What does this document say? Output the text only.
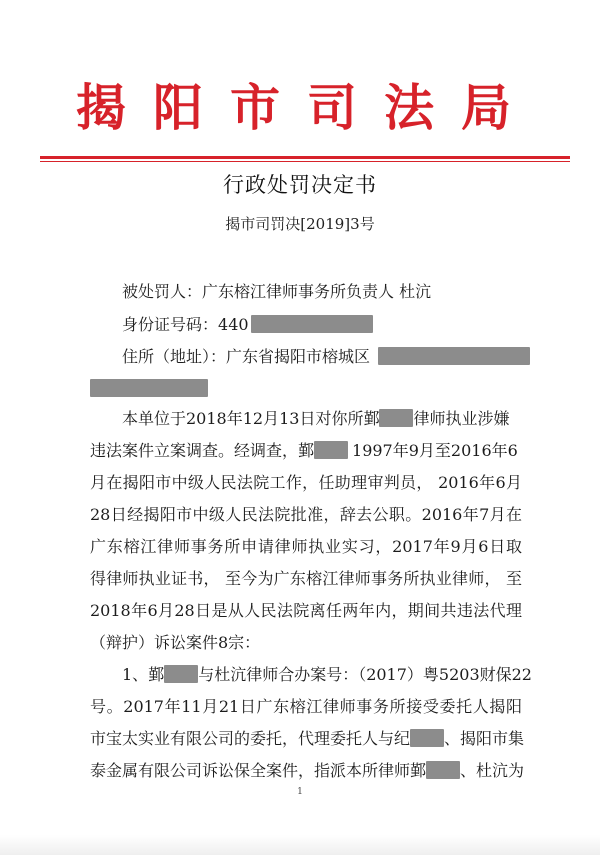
揭阳市司法局
行政处罚决定书
揭市司罚决[2019]3号
被处罚人：广东榕江律师事务所负责人 杜沆
身份证号码：440
住所（地址）：广东省揭阳市榕城区
本单位于2018年12月13日对你所鄞 律师执业涉嫌
违法案件立案调查。经调查，鄞 1997年9月至2016年6
月在揭阳市中级人民法院工作，任助理审判员， 2016年6月
28日经揭阳市中级人民法院批准，辞去公职。2016年7月在
广东榕江律师事务所申请律师执业实习，2017年9月6日取
得律师执业证书， 至今为广东榕江律师事务所执业律师， 至
2018年6月28日是从人民法院离任两年内，期间共违法代理
（辩护）诉讼案件8宗：
1、鄞 与杜沆律师合办案号：（2017）粤5203财保22
号。2017年11月21日广东榕江律师事务所接受委托人揭阳
市宝太实业有限公司的委托，代理委托人与纪 、揭阳市集
泰金属有限公司诉讼保全案件，指派本所律师鄞 、杜沆为
1
